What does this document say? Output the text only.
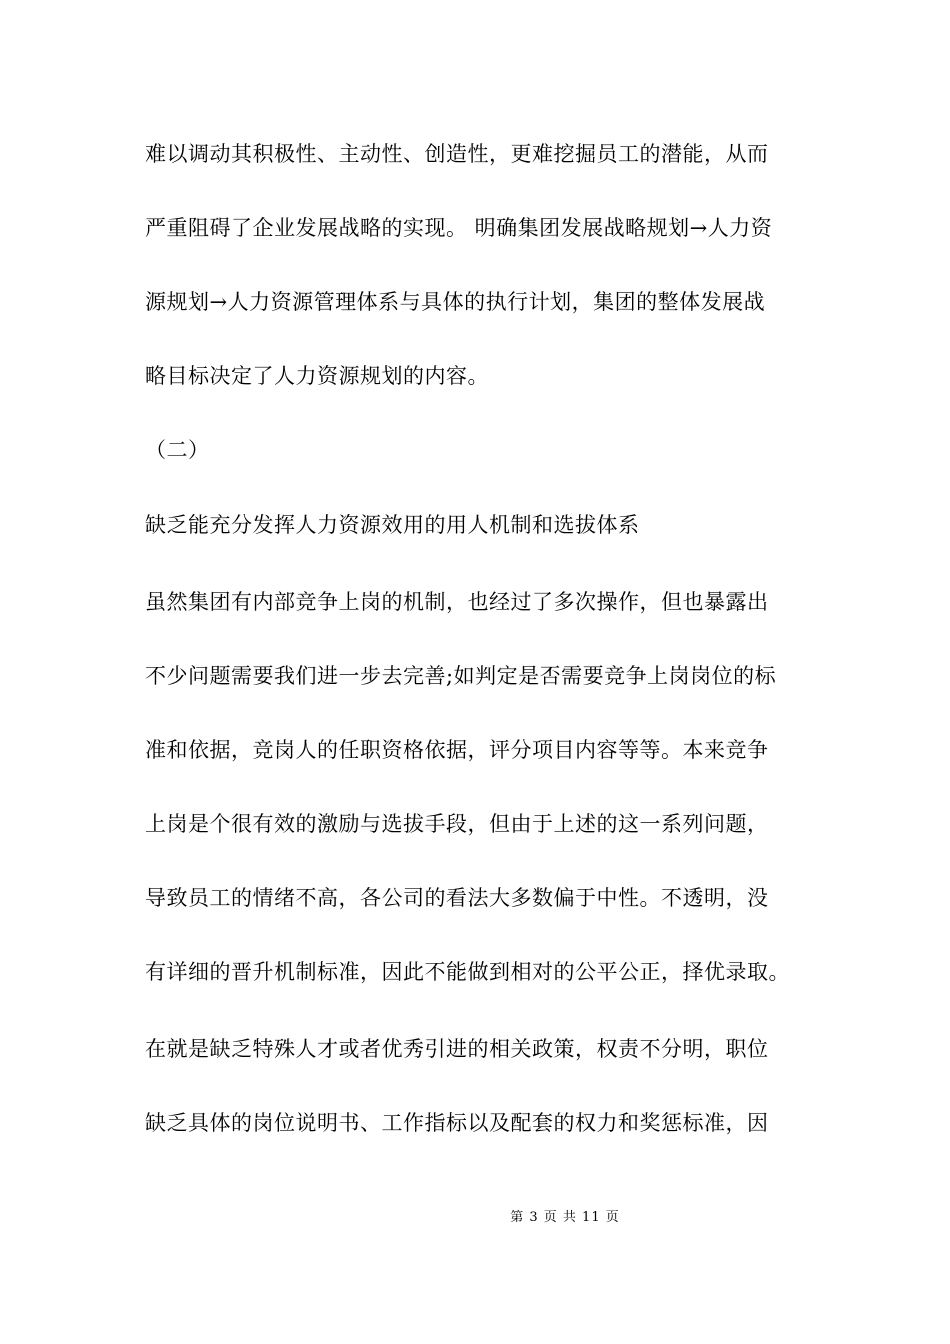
难以调动其积极性、主动性、创造性，更难挖掘员工的潜能，从而
严重阻碍了企业发展战略的实现。 明确集团发展战略规划→人力资
源规划→人力资源管理体系与具体的执行计划，集团的整体发展战
略目标决定了人力资源规划的内容。
（二）
缺乏能充分发挥人力资源效用的用人机制和选拔体系
虽然集团有内部竞争上岗的机制，也经过了多次操作，但也暴露出
不少问题需要我们进一步去完善;如判定是否需要竞争上岗岗位的标
准和依据，竞岗人的任职资格依据，评分项目内容等等。本来竞争
上岗是个很有效的激励与选拔手段，但由于上述的这一系列问题，
导致员工的情绪不高，各公司的看法大多数偏于中性。不透明，没
有详细的晋升机制标准，因此不能做到相对的公平公正，择优录取。
在就是缺乏特殊人才或者优秀引进的相关政策，权责不分明，职位
缺乏具体的岗位说明书、工作指标以及配套的权力和奖惩标准，因
第 3 页 共 11 页
